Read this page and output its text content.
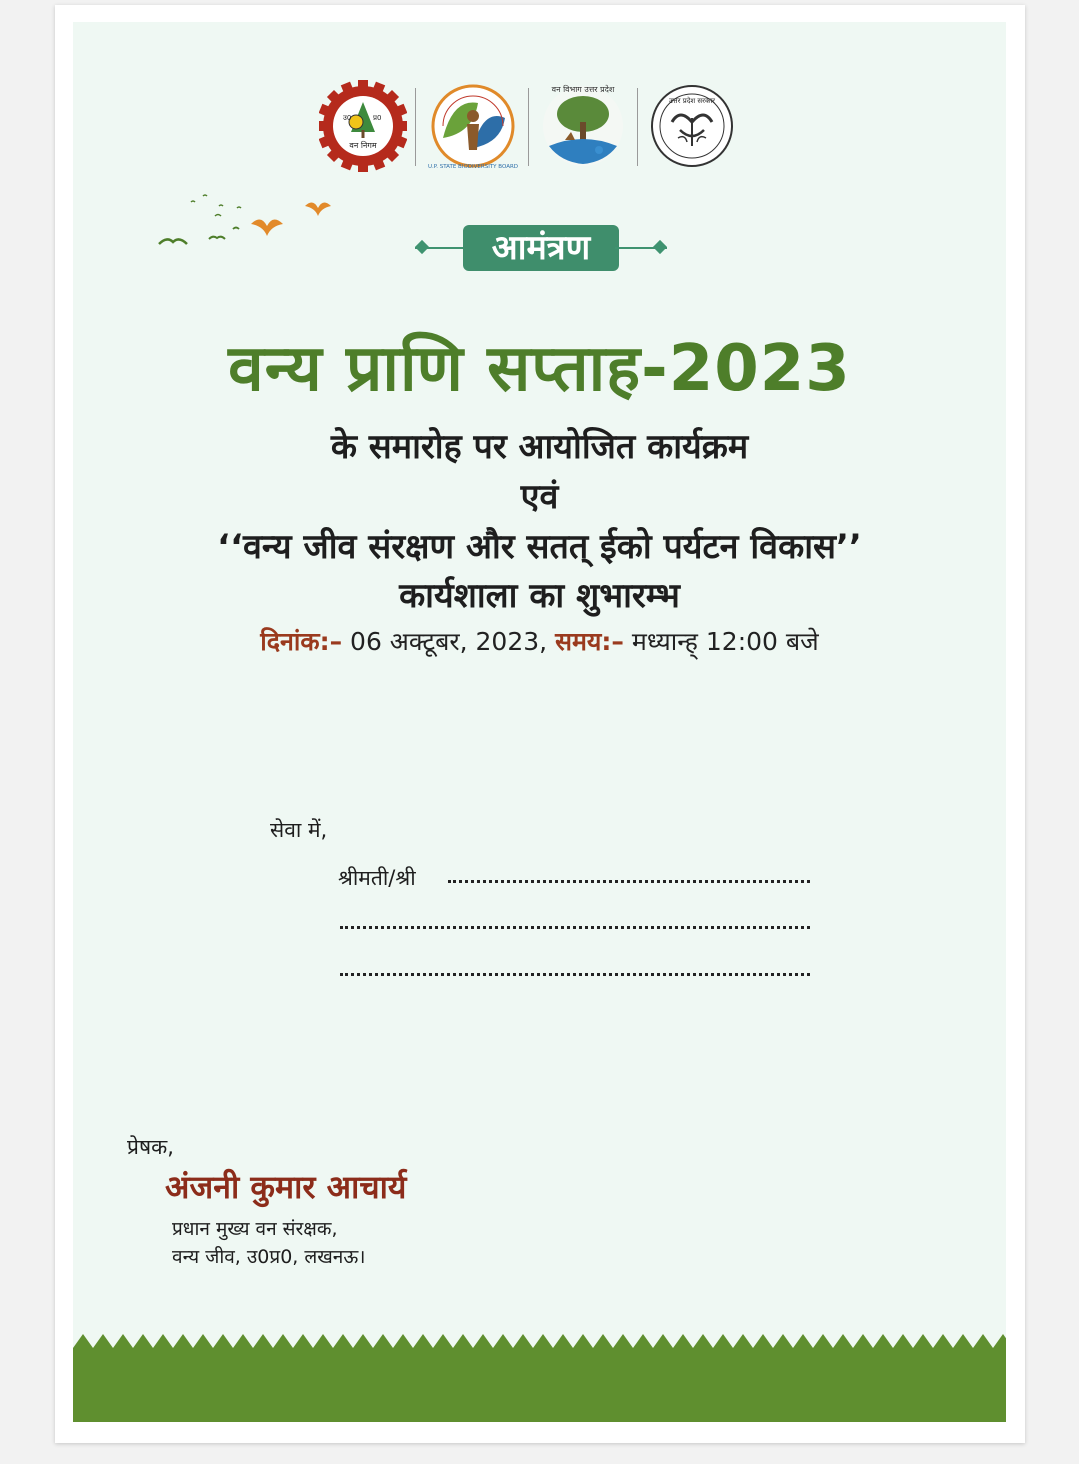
उ0	प्र0
वन निगम
U.P. STATE BIODIVERSITY BOARD
वन विभाग उत्तर प्रदेश
उत्तर प्रदेश सरकार
आमंत्रण
वन्य प्राणि सप्ताह-2023
के समारोह पर आयोजित कार्यक्रम
एवं
‘‘वन्य जीव संरक्षण और सतत् ईको पर्यटन विकास’’
कार्यशाला का शुभारम्भ
दिनांक:– 06 अक्टूबर, 2023, समय:– मध्यान्ह् 12:00 बजे
सेवा में,
श्रीमती/श्री
प्रेषक,
अंजनी कुमार आचार्य
प्रधान मुख्य वन संरक्षक,
वन्य जीव, उ0प्र0, लखनऊ।
